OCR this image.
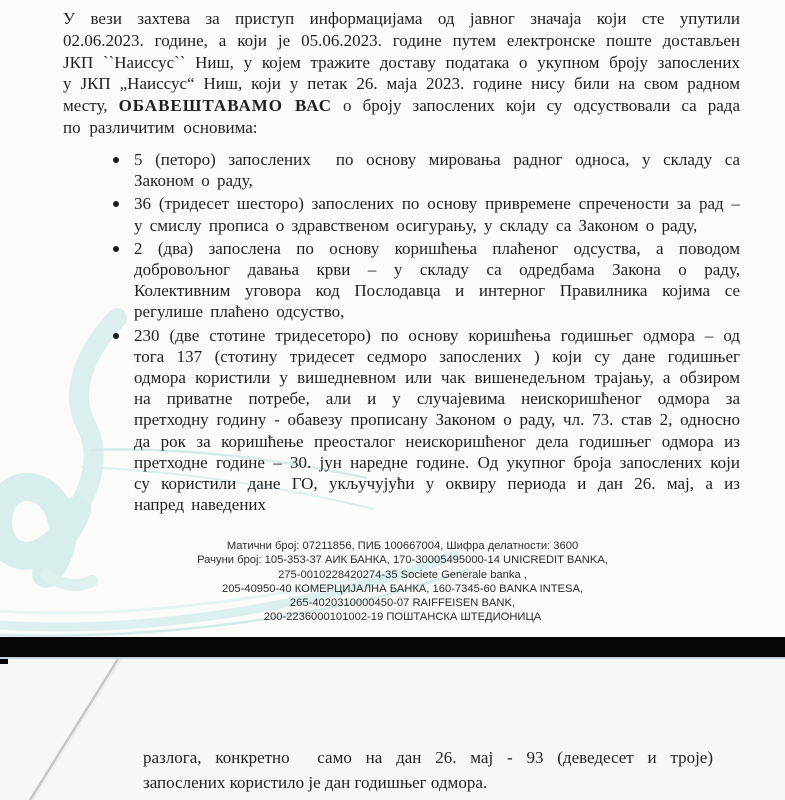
У вези захтева за приступ информацијама од јавног значаја који сте упутили 02.06.2023. године, а који је 05.06.2023. године путем електронске поште достављен ЈКП ``Наиссус`` Ниш, у којем тражите доставу података о укупном броју запослених у ЈКП „Наиссус“ Ниш, који у петак 26. маја 2023. године нису били на свом радном месту, ОБАВЕШТАВАМО ВАС о броју запослених који су одсуствовали са рада по различитим основима:

5 (петоро) запослених  по основу мировања радног односа, у складу са Законом о раду,
36 (тридесет шесторо) запослених по основу привремене спречености за рад – у смислу прописа о здравственом осигурању, у складу са Законом о раду,
2 (два) запослена по основу коришћења плаћеног одсуства, а поводом добровољног давања крви – у складу са одредбама Закона о раду, Колективним уговора код Послодавца и интерног Правилника којима се регулише плаћено одсуство,
230 (две стотине тридесеторо) по основу коришћења годишњег одмора – од тога 137 (стотину тридесет седморо запослених ) који су дане годишњег одмора користили у вишедневном или чак вишенедељном трајању, а обзиром на приватне потребе, али и у случајевима неискоришћеног одмора за претходну годину - обавезу прописану Законом о раду, чл. 73. став 2, односно да рок за коришћење преосталог неискоришћеног дела годишњег одмора из претходне године – 30. јун наредне године. Од укупног броја запослених који су користили дане ГО, укључујући у оквиру периода и дан 26. мај, а из напред наведених
Матични број: 07211856, ПИБ 100667004, Шифра делатности: 3600
Рачуни број: 105-353-37 АИК БАНКА, 170-30005495000-14 UNICREDIT BANKA,
275-0010228420274-35 Societe Generale banka ,
205-40950-40 КОМЕРЦИЈАЛНА БАНКА, 160-7345-60 BANKA INTESA,
265-4020310000450-07 RAIFFEISEN BANK,
200-2236000101002-19 ПОШТАНСКА ШТЕДИОНИЦА
разлога, конкретно  само на дан 26. мај - 93 (деведесет и троје)
запослених користило је дан годишњег одмора.
